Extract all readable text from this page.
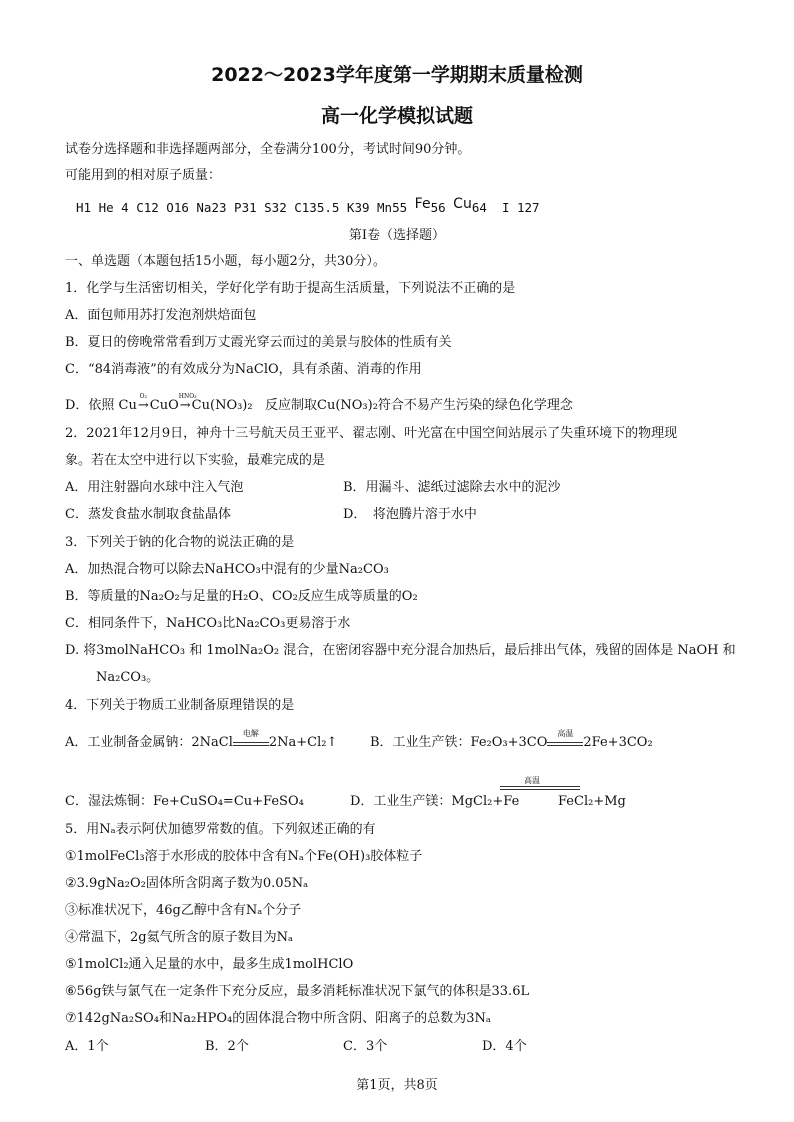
2022～2023学年度第一学期期末质量检测
高一化学模拟试题
试卷分选择题和非选择题两部分，全卷满分100分，考试时间90分钟。
可能用到的相对原子质量：
H1 He 4 C12 O16 Na23 P31 S32 C135.5 K39 Mn55 Fe56 Cu64 I 127
第Ⅰ卷（选择题）
一、单选题（本题包括15小题，每小题2分，共30分）。
1．化学与生活密切相关，学好化学有助于提高生活质量，下列说法不正确的是
A．面包师用苏打发泡剂烘焙面包
B．夏日的傍晚常常看到万丈霞光穿云而过的美景与胶体的性质有关
C．“84消毒液”的有效成分为NaClO，具有杀菌、消毒的作用
D．依照 Cu
O₂
→CuO
HNO₃
→Cu(NO₃)₂ 反应制取Cu(NO₃)₂符合不易产生污染的绿色化学理念
2．2021年12月9日，神舟十三号航天员王亚平、翟志刚、叶光富在中国空间站展示了失重环境下的物理现
象。若在太空中进行以下实验，最难完成的是
A．用注射器向水球中注入气泡	B．用漏斗、滤纸过滤除去水中的泥沙
C．蒸发食盐水制取食盐晶体	D．　将泡腾片溶于水中
3．下列关于钠的化合物的说法正确的是
A．加热混合物可以除去NaHCO₃中混有的少量Na₂CO₃
B．等质量的Na₂O₂与足量的H₂O、CO₂反应生成等质量的O₂
C．相同条件下，NaHCO₃比Na₂CO₃更易溶于水
D. 将3molNaHCO₃ 和 1molNa₂O₂ 混合，在密闭容器中充分混合加热后，最后排出气体，残留的固体是 NaOH 和
Na₂CO₃。
4．下列关于物质工业制备原理错误的是
A．工业制备金属钠：2NaCl
电解
2Na+Cl₂↑	B．工业生产铁：Fe₂O₃+3CO
高温
2Fe+3CO₂
C．湿法炼铜：Fe+CuSO₄=Cu+FeSO₄	D．工业生产镁：MgCl₂+Fe
高温
FeCl₂+Mg
5．用Nₐ表示阿伏加德罗常数的值。下列叙述正确的有
①1molFeCl₃溶于水形成的胶体中含有Nₐ个Fe(OH)₃胶体粒子
②3.9gNa₂O₂固体所含阴离子数为0.05Nₐ
③标准状况下，46g乙醇中含有Nₐ个分子
④常温下，2g氦气所含的原子数目为Nₐ
⑤1molCl₂通入足量的水中，最多生成1molHClO
⑥56g铁与氯气在一定条件下充分反应，最多消耗标准状况下氯气的体积是33.6L
⑦142gNa₂SO₄和Na₂HPO₄的固体混合物中所含阴、阳离子的总数为3Nₐ
A．1个	B．2个	C．3个	D．4个
第1页，共8页
